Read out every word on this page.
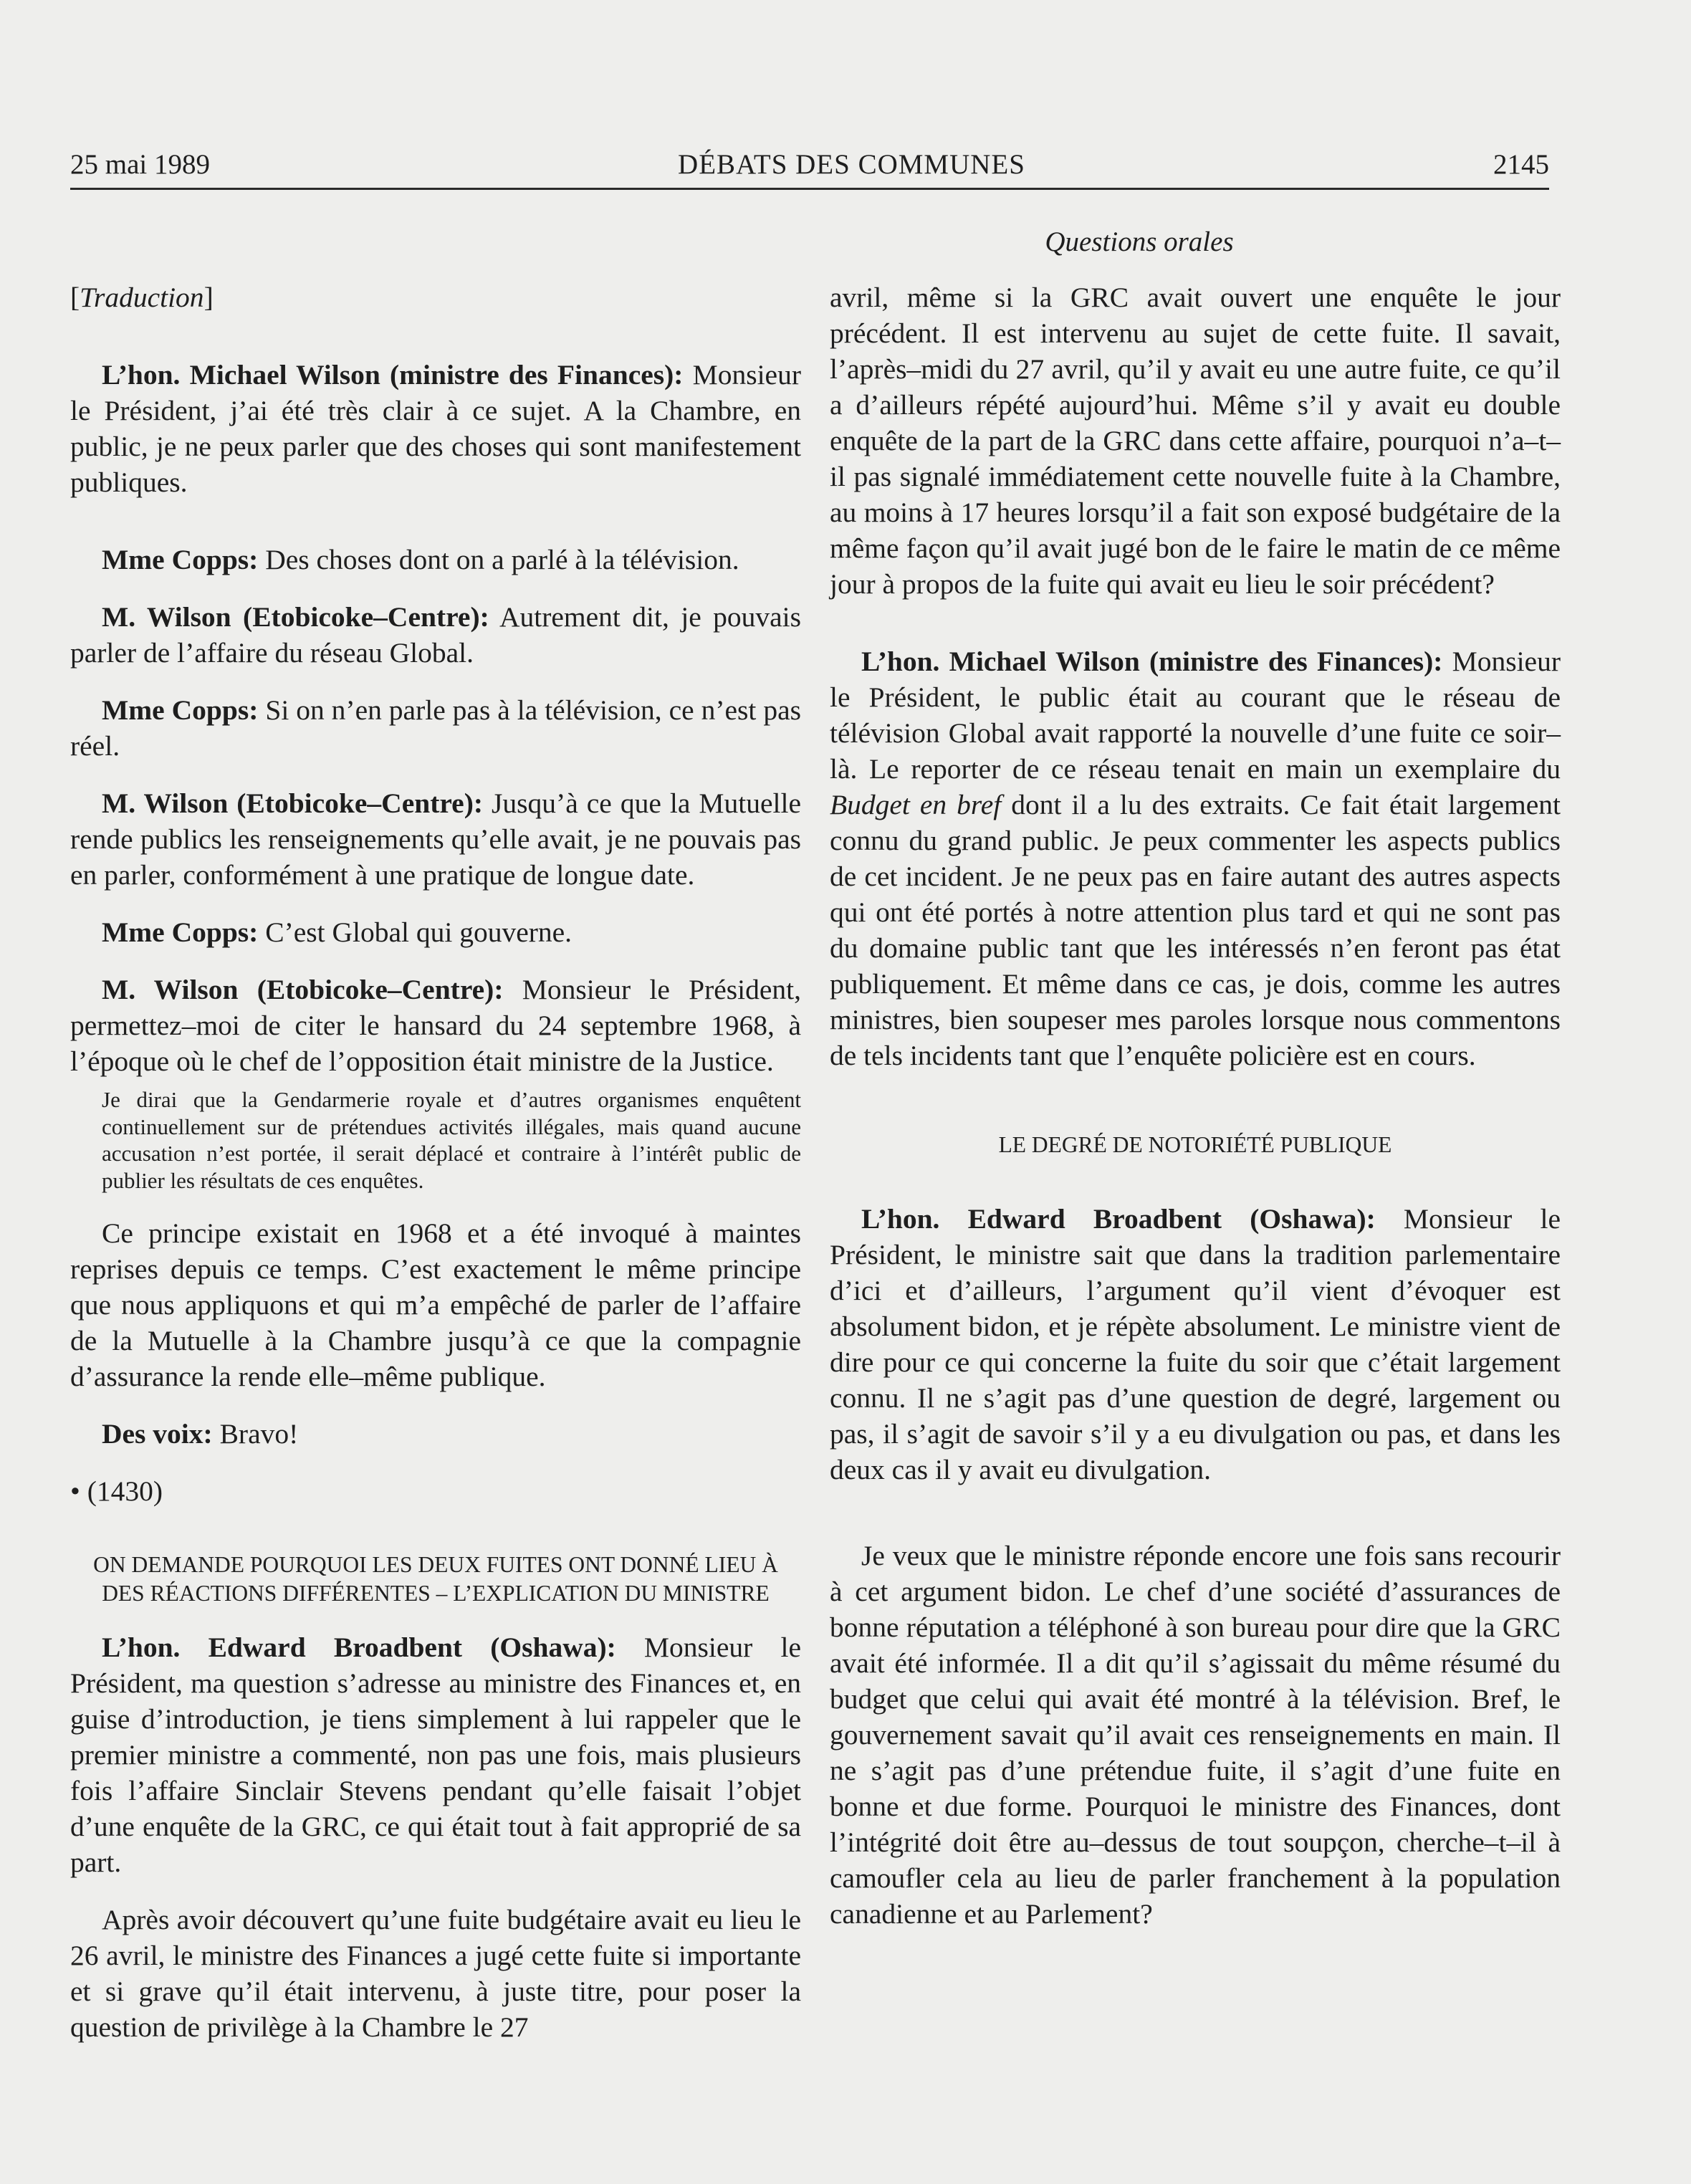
25 mai 1989	DÉBATS DES COMMUNES	2145
Questions orales

[Traduction]

L’hon. Michael Wilson (ministre des Finances): Monsieur le Président, j’ai été très clair à ce sujet. A la Chambre, en public, je ne peux parler que des choses qui sont manifestement publiques.

Mme Copps: Des choses dont on a parlé à la télévision.

M. Wilson (Etobicoke–Centre): Autrement dit, je pouvais parler de l’affaire du réseau Global.

Mme Copps: Si on n’en parle pas à la télévision, ce n’est pas réel.

M. Wilson (Etobicoke–Centre): Jusqu’à ce que la Mutuelle rende publics les renseignements qu’elle avait, je ne pouvais pas en parler, conformément à une pratique de longue date.

Mme Copps: C’est Global qui gouverne.

M. Wilson (Etobicoke–Centre): Monsieur le Président, permettez–moi de citer le hansard du 24 septembre 1968, à l’époque où le chef de l’opposition était ministre de la Justice.

Je dirai que la Gendarmerie royale et d’autres organismes enquêtent continuellement sur de prétendues activités illégales, mais quand aucune accusation n’est portée, il serait déplacé et contraire à l’intérêt public de publier les résultats de ces enquêtes.

Ce principe existait en 1968 et a été invoqué à maintes reprises depuis ce temps. C’est exactement le même principe que nous appliquons et qui m’a empêché de parler de l’affaire de la Mutuelle à la Chambre jusqu’à ce que la compagnie d’assurance la rende elle–même publique.

Des voix: Bravo!

• (1430)

ON DEMANDE POURQUOI LES DEUX FUITES ONT DONNÉ LIEU À DES RÉACTIONS DIFFÉRENTES – L’EXPLICATION DU MINISTRE

L’hon. Edward Broadbent (Oshawa): Monsieur le Président, ma question s’adresse au ministre des Finances et, en guise d’introduction, je tiens simplement à lui rappeler que le premier ministre a commenté, non pas une fois, mais plusieurs fois l’affaire Sinclair Stevens pendant qu’elle faisait l’objet d’une enquête de la GRC, ce qui était tout à fait approprié de sa part.

Après avoir découvert qu’une fuite budgétaire avait eu lieu le 26 avril, le ministre des Finances a jugé cette fuite si importante et si grave qu’il était intervenu, à juste titre, pour poser la question de privilège à la Chambre le 27

avril, même si la GRC avait ouvert une enquête le jour précédent. Il est intervenu au sujet de cette fuite. Il savait, l’après–midi du 27 avril, qu’il y avait eu une autre fuite, ce qu’il a d’ailleurs répété aujourd’hui. Même s’il y avait eu double enquête de la part de la GRC dans cette affaire, pourquoi n’a–t–il pas signalé immédiatement cette nouvelle fuite à la Chambre, au moins à 17 heures lorsqu’il a fait son exposé budgétaire de la même façon qu’il avait jugé bon de le faire le matin de ce même jour à propos de la fuite qui avait eu lieu le soir précédent?

L’hon. Michael Wilson (ministre des Finances): Monsieur le Président, le public était au courant que le réseau de télévision Global avait rapporté la nouvelle d’une fuite ce soir–là. Le reporter de ce réseau tenait en main un exemplaire du Budget en bref dont il a lu des extraits. Ce fait était largement connu du grand public. Je peux commenter les aspects publics de cet incident. Je ne peux pas en faire autant des autres aspects qui ont été portés à notre attention plus tard et qui ne sont pas du domaine public tant que les intéressés n’en feront pas état publiquement. Et même dans ce cas, je dois, comme les autres ministres, bien soupeser mes paroles lorsque nous commentons de tels incidents tant que l’enquête policière est en cours.

LE DEGRÉ DE NOTORIÉTÉ PUBLIQUE

L’hon. Edward Broadbent (Oshawa): Monsieur le Président, le ministre sait que dans la tradition parlementaire d’ici et d’ailleurs, l’argument qu’il vient d’évoquer est absolument bidon, et je répète absolument. Le ministre vient de dire pour ce qui concerne la fuite du soir que c’était largement connu. Il ne s’agit pas d’une question de degré, largement ou pas, il s’agit de savoir s’il y a eu divulgation ou pas, et dans les deux cas il y avait eu divulgation.

Je veux que le ministre réponde encore une fois sans recourir à cet argument bidon. Le chef d’une société d’assurances de bonne réputation a téléphoné à son bureau pour dire que la GRC avait été informée. Il a dit qu’il s’agissait du même résumé du budget que celui qui avait été montré à la télévision. Bref, le gouvernement savait qu’il avait ces renseignements en main. Il ne s’agit pas d’une prétendue fuite, il s’agit d’une fuite en bonne et due forme. Pourquoi le ministre des Finances, dont l’intégrité doit être au–dessus de tout soupçon, cherche–t–il à camoufler cela au lieu de parler franchement à la population canadienne et au Parlement?
